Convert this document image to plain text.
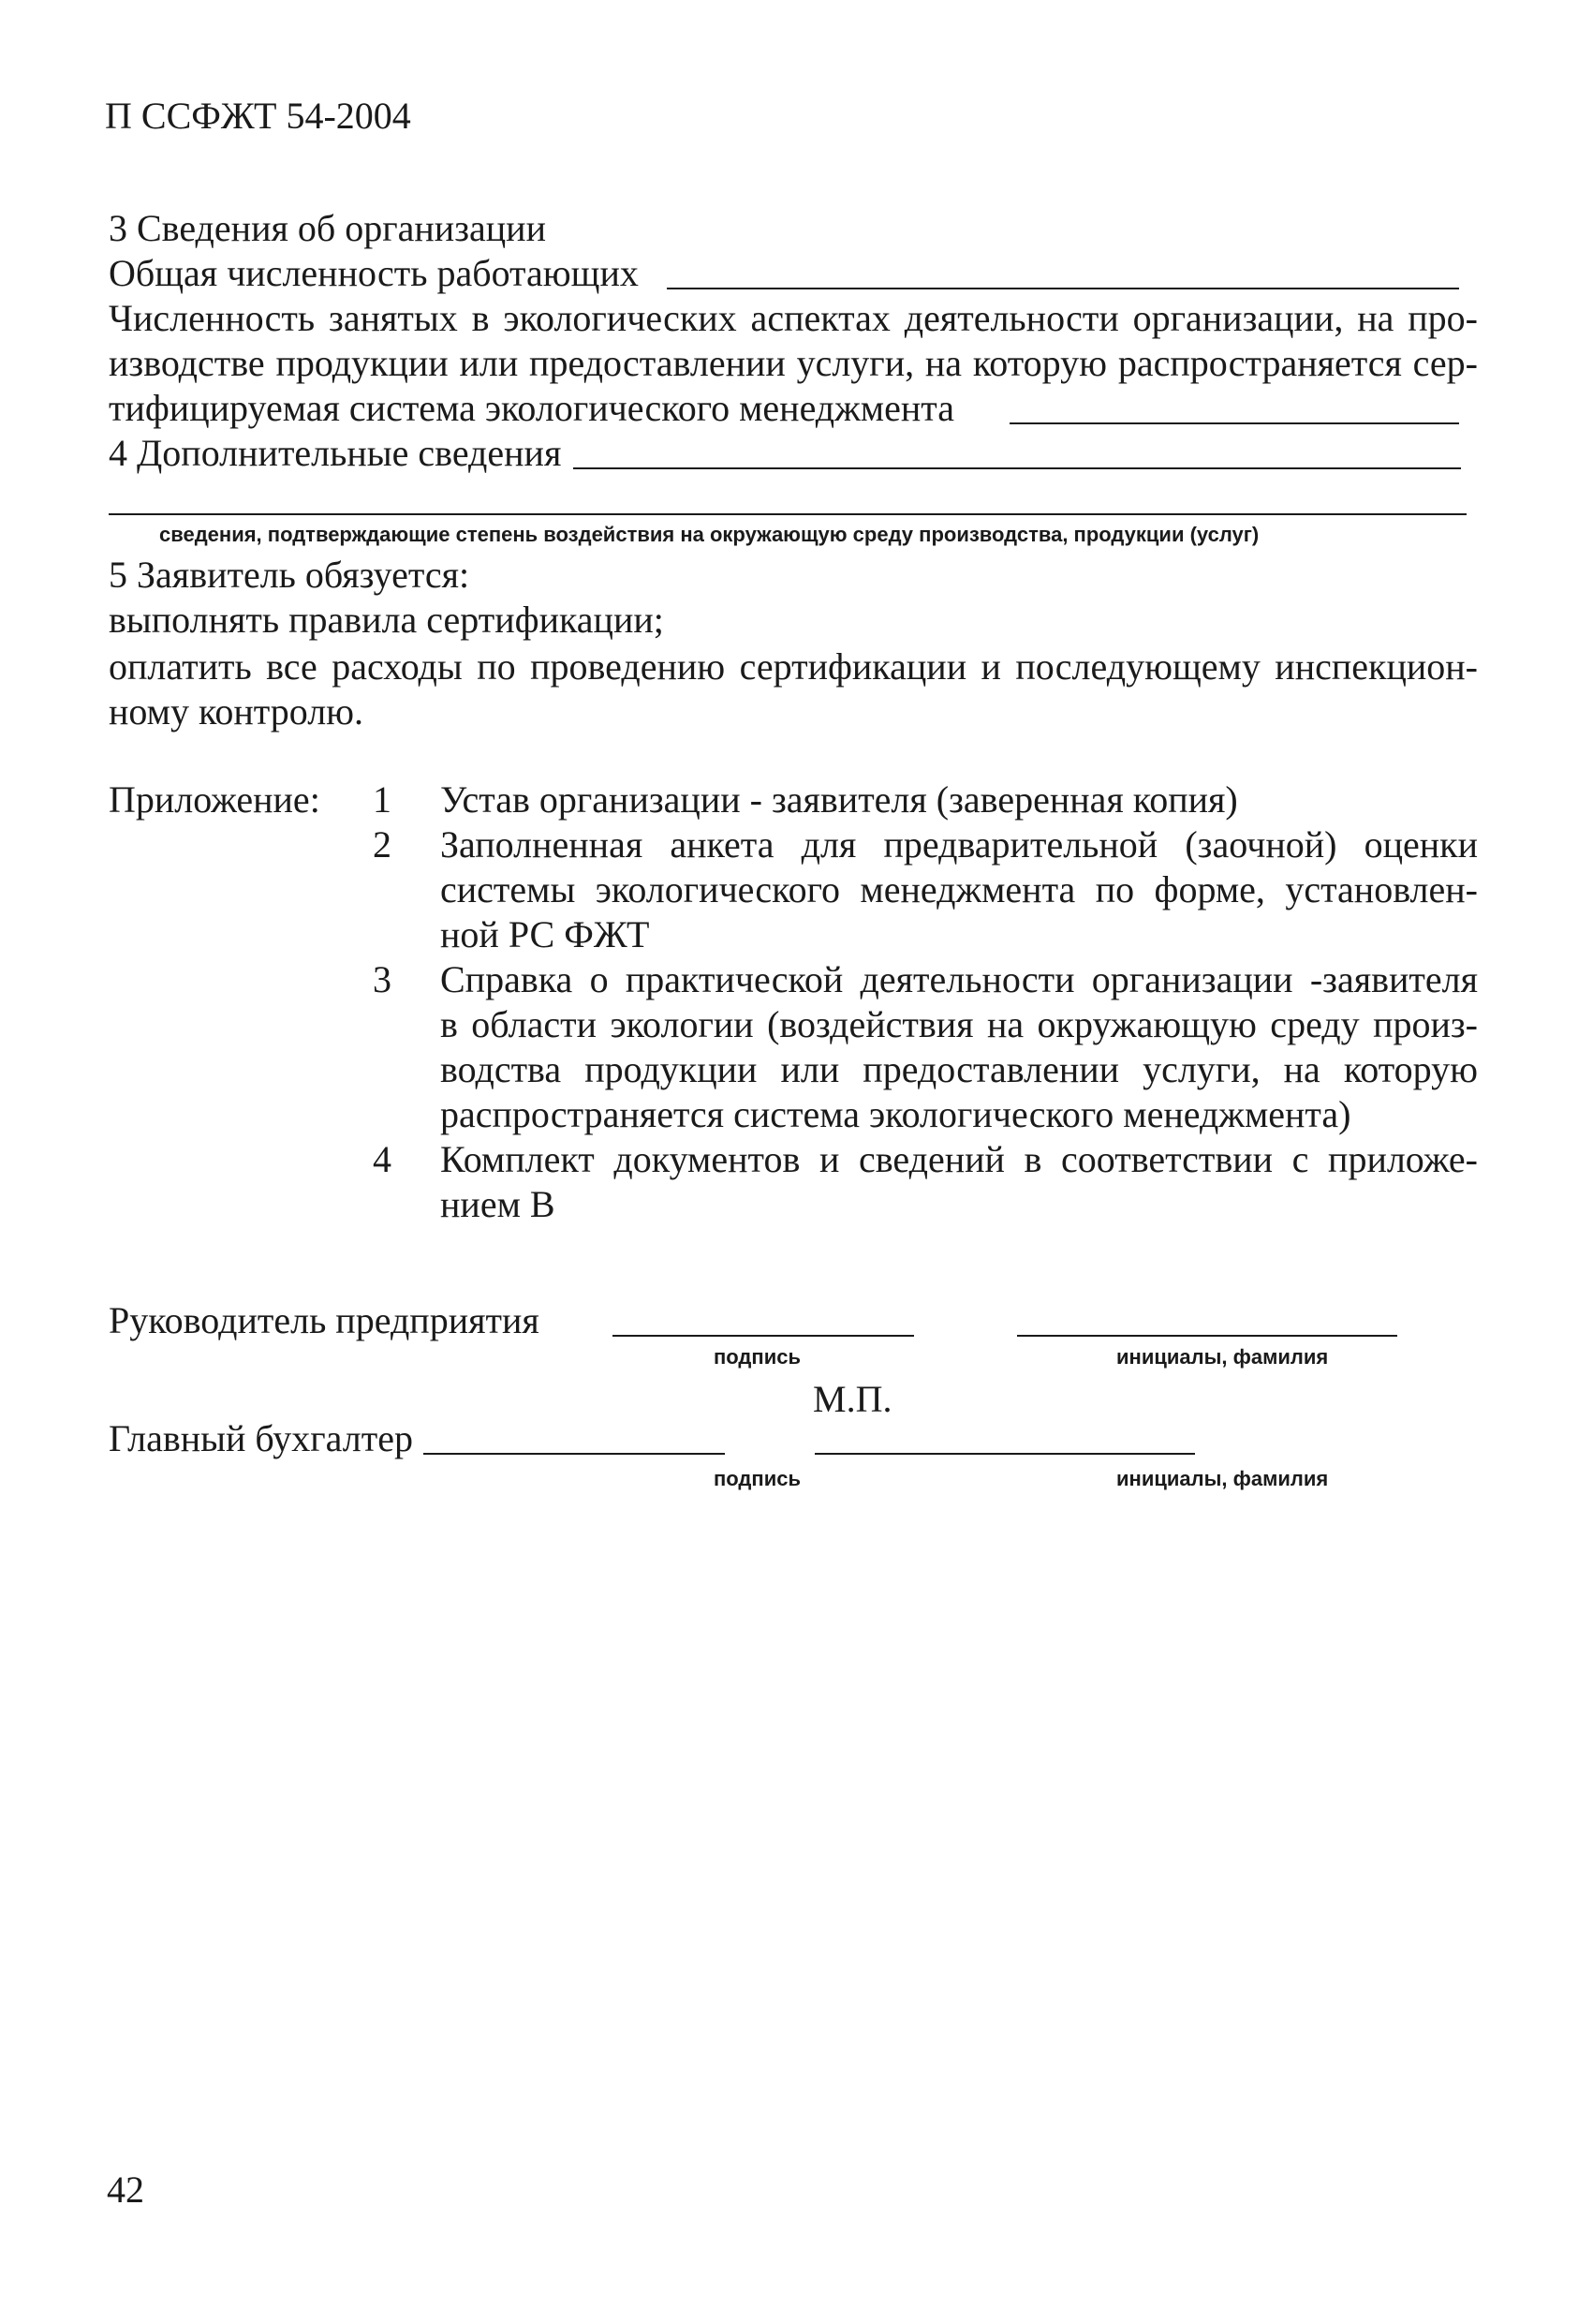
П ССФЖТ 54-2004
3 Сведения об организации
Общая численность работающих
Численность занятых в экологических аспектах деятельности организации, на про-
изводстве продукции или предоставлении услуги, на которую распространяется сер-
тифицируемая система экологического менеджмента
4 Дополнительные сведения
сведения, подтверждающие степень воздействия на окружающую среду производства, продукции (услуг)
5 Заявитель обязуется:
выполнять правила сертификации;
оплатить все расходы по проведению сертификации и последующему инспекцион-
ному контролю.
Приложение: 1 Устав организации - заявителя (заверенная копия)
2 Заполненная анкета для предварительной (заочной) оценки
системы экологического менеджмента по форме, установлен-
ной РС ФЖТ
3 Справка о практической деятельности организации -заявителя
в области экологии (воздействия на окружающую среду произ-
водства продукции или предоставлении услуги, на которую
распространяется система экологического менеджмента)
4 Комплект документов и сведений в соответствии с приложе-
нием В
Руководитель предприятия
подпись	инициалы, фамилия
М.П.
Главный бухгалтер
подпись	инициалы, фамилия
42
